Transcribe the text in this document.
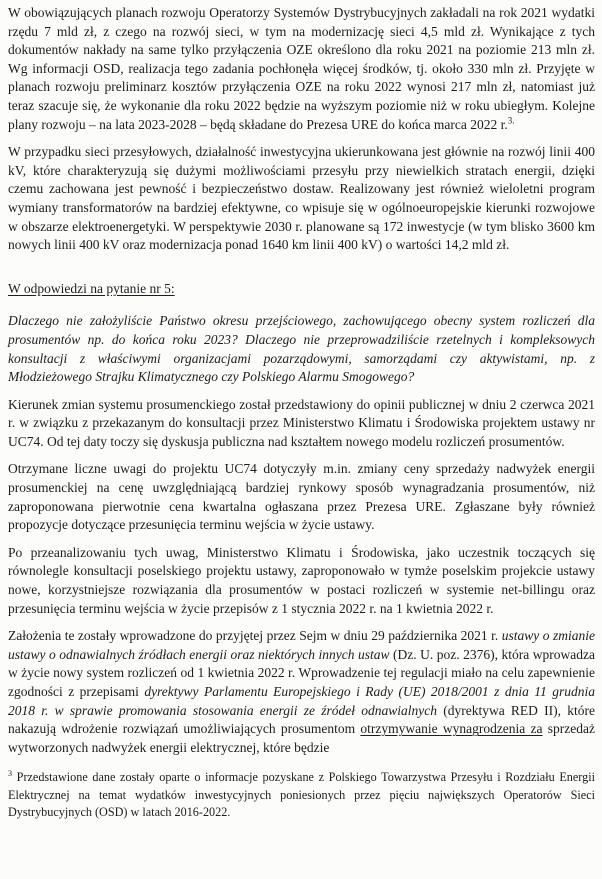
W obowiązujących planach rozwoju Operatorzy Systemów Dystrybucyjnych zakładali na rok 2021 wydatki rzędu 7 mld zł, z czego na rozwój sieci, w tym na modernizację sieci 4,5 mld zł. Wynikające z tych dokumentów nakłady na same tylko przyłączenia OZE określono dla roku 2021 na poziomie 213 mln zł. Wg informacji OSD, realizacja tego zadania pochłonęła więcej środków, tj. około 330 mln zł. Przyjęte w planach rozwoju preliminarz kosztów przyłączenia OZE na roku 2022 wynosi 217 mln zł, natomiast już teraz szacuje się, że wykonanie dla roku 2022 będzie na wyższym poziomie niż w roku ubiegłym. Kolejne plany rozwoju – na lata 2023-2028 – będą składane do Prezesa URE do końca marca 2022 r.$^{3.}$

W przypadku sieci przesyłowych, działalność inwestycyjna ukierunkowana jest głównie na rozwój linii 400 kV, które charakteryzują się dużymi możliwościami przesyłu przy niewielkich stratach energii, dzięki czemu zachowana jest pewność i bezpieczeństwo dostaw. Realizowany jest również wieloletni program wymiany transformatorów na bardziej efektywne, co wpisuje się w ogólnoeuropejskie kierunki rozwojowe w obszarze elektroenergetyki. W perspektywie 2030 r. planowane są 172 inwestycje (w tym blisko 3600 km nowych linii 400 kV oraz modernizacja ponad 1640 km linii 400 kV) o wartości 14,2 mld zł.

W odpowiedzi na pytanie nr 5:

Dlaczego nie założyliście Państwo okresu przejściowego, zachowującego obecny system rozliczeń dla prosumentów np. do końca roku 2023? Dlaczego nie przeprowadziliście rzetelnych i kompleksowych konsultacji z właściwymi organizacjami pozarządowymi, samorządami czy aktywistami, np. z Młodzieżowego Strajku Klimatycznego czy Polskiego Alarmu Smogowego?

Kierunek zmian systemu prosumenckiego został przedstawiony do opinii publicznej w dniu 2 czerwca 2021 r. w związku z przekazanym do konsultacji przez Ministerstwo Klimatu i Środowiska projektem ustawy nr UC74. Od tej daty toczy się dyskusja publiczna nad kształtem nowego modelu rozliczeń prosumentów.

Otrzymane liczne uwagi do projektu UC74 dotyczyły m.in. zmiany ceny sprzedaży nadwyżek energii prosumenckiej na cenę uwzględniającą bardziej rynkowy sposób wynagradzania prosumentów, niż zaproponowana pierwotnie cena kwartalna ogłaszana przez Prezesa URE. Zgłaszane były również propozycje dotyczące przesunięcia terminu wejścia w życie ustawy.

Po przeanalizowaniu tych uwag, Ministerstwo Klimatu i Środowiska, jako uczestnik toczących się równolegle konsultacji poselskiego projektu ustawy, zaproponowało w tymże poselskim projekcie ustawy nowe, korzystniejsze rozwiązania dla prosumentów w postaci rozliczeń w systemie net-billingu oraz przesunięcia terminu wejścia w życie przepisów z 1 stycznia 2022 r. na 1 kwietnia 2022 r.

Założenia te zostały wprowadzone do przyjętej przez Sejm w dniu 29 października 2021 r. ustawy o zmianie ustawy o odnawialnych źródłach energii oraz niektórych innych ustaw (Dz. U. poz. 2376), która wprowadza w życie nowy system rozliczeń od 1 kwietnia 2022 r. Wprowadzenie tej regulacji miało na celu zapewnienie zgodności z przepisami dyrektywy Parlamentu Europejskiego i Rady (UE) 2018/2001 z dnia 11 grudnia 2018 r. w sprawie promowania stosowania energii ze źródeł odnawialnych (dyrektywa RED II), które nakazują wdrożenie rozwiązań umożliwiających prosumentom otrzymywanie wynagrodzenia za sprzedaż wytworzonych nadwyżek energii elektrycznej, które będzie

$^3$ Przedstawione dane zostały oparte o informacje pozyskane z Polskiego Towarzystwa Przesyłu i Rozdziału Energii Elektrycznej na temat wydatków inwestycyjnych poniesionych przez pięciu największych Operatorów Sieci Dystrybucyjnych (OSD) w latach 2016-2022.
